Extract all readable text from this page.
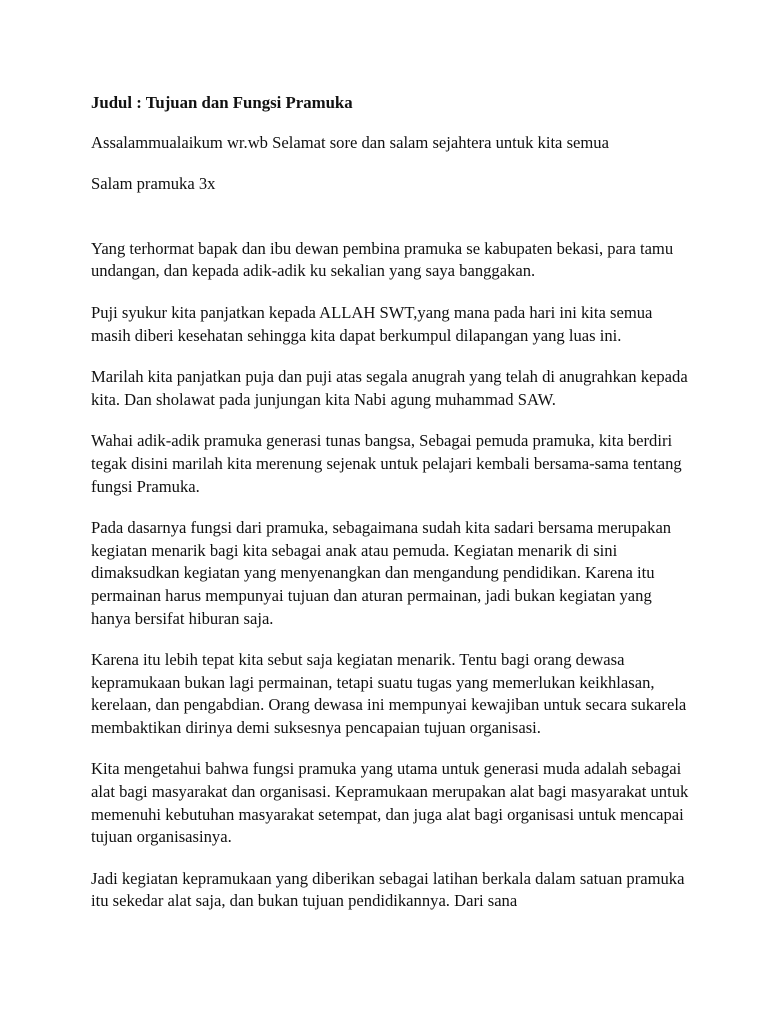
Judul : Tujuan dan Fungsi Pramuka

Assalammualaikum wr.wb Selamat sore dan salam sejahtera untuk kita semua

Salam pramuka 3x

Yang terhormat bapak dan ibu dewan pembina pramuka se kabupaten bekasi, para tamu undangan, dan kepada adik-adik ku sekalian yang saya banggakan.

Puji syukur kita panjatkan kepada ALLAH SWT,yang mana pada hari ini kita semua masih diberi kesehatan sehingga kita dapat berkumpul dilapangan yang luas ini.

Marilah kita panjatkan puja dan puji atas segala anugrah yang telah di anugrahkan kepada kita. Dan sholawat pada junjungan kita Nabi agung muhammad SAW.

Wahai adik-adik pramuka generasi tunas bangsa, Sebagai pemuda pramuka, kita berdiri tegak disini marilah kita merenung sejenak untuk pelajari kembali bersama-sama tentang fungsi Pramuka.

Pada dasarnya fungsi dari pramuka, sebagaimana sudah kita sadari bersama merupakan kegiatan menarik bagi kita sebagai anak atau pemuda. Kegiatan menarik di sini dimaksudkan kegiatan yang menyenangkan dan mengandung pendidikan. Karena itu permainan harus mempunyai tujuan dan aturan permainan, jadi bukan kegiatan yang hanya bersifat hiburan saja.

Karena itu lebih tepat kita sebut saja kegiatan menarik. Tentu bagi orang dewasa kepramukaan bukan lagi permainan, tetapi suatu tugas yang memerlukan keikhlasan, kerelaan, dan pengabdian. Orang dewasa ini mempunyai kewajiban untuk secara sukarela membaktikan dirinya demi suksesnya pencapaian tujuan organisasi.

Kita mengetahui bahwa fungsi pramuka yang utama untuk generasi muda adalah sebagai alat bagi masyarakat dan organisasi. Kepramukaan merupakan alat bagi masyarakat untuk memenuhi kebutuhan masyarakat setempat, dan juga alat bagi organisasi untuk mencapai tujuan organisasinya.

Jadi kegiatan kepramukaan yang diberikan sebagai latihan berkala dalam satuan pramuka itu sekedar alat saja, dan bukan tujuan pendidikannya. Dari sana
